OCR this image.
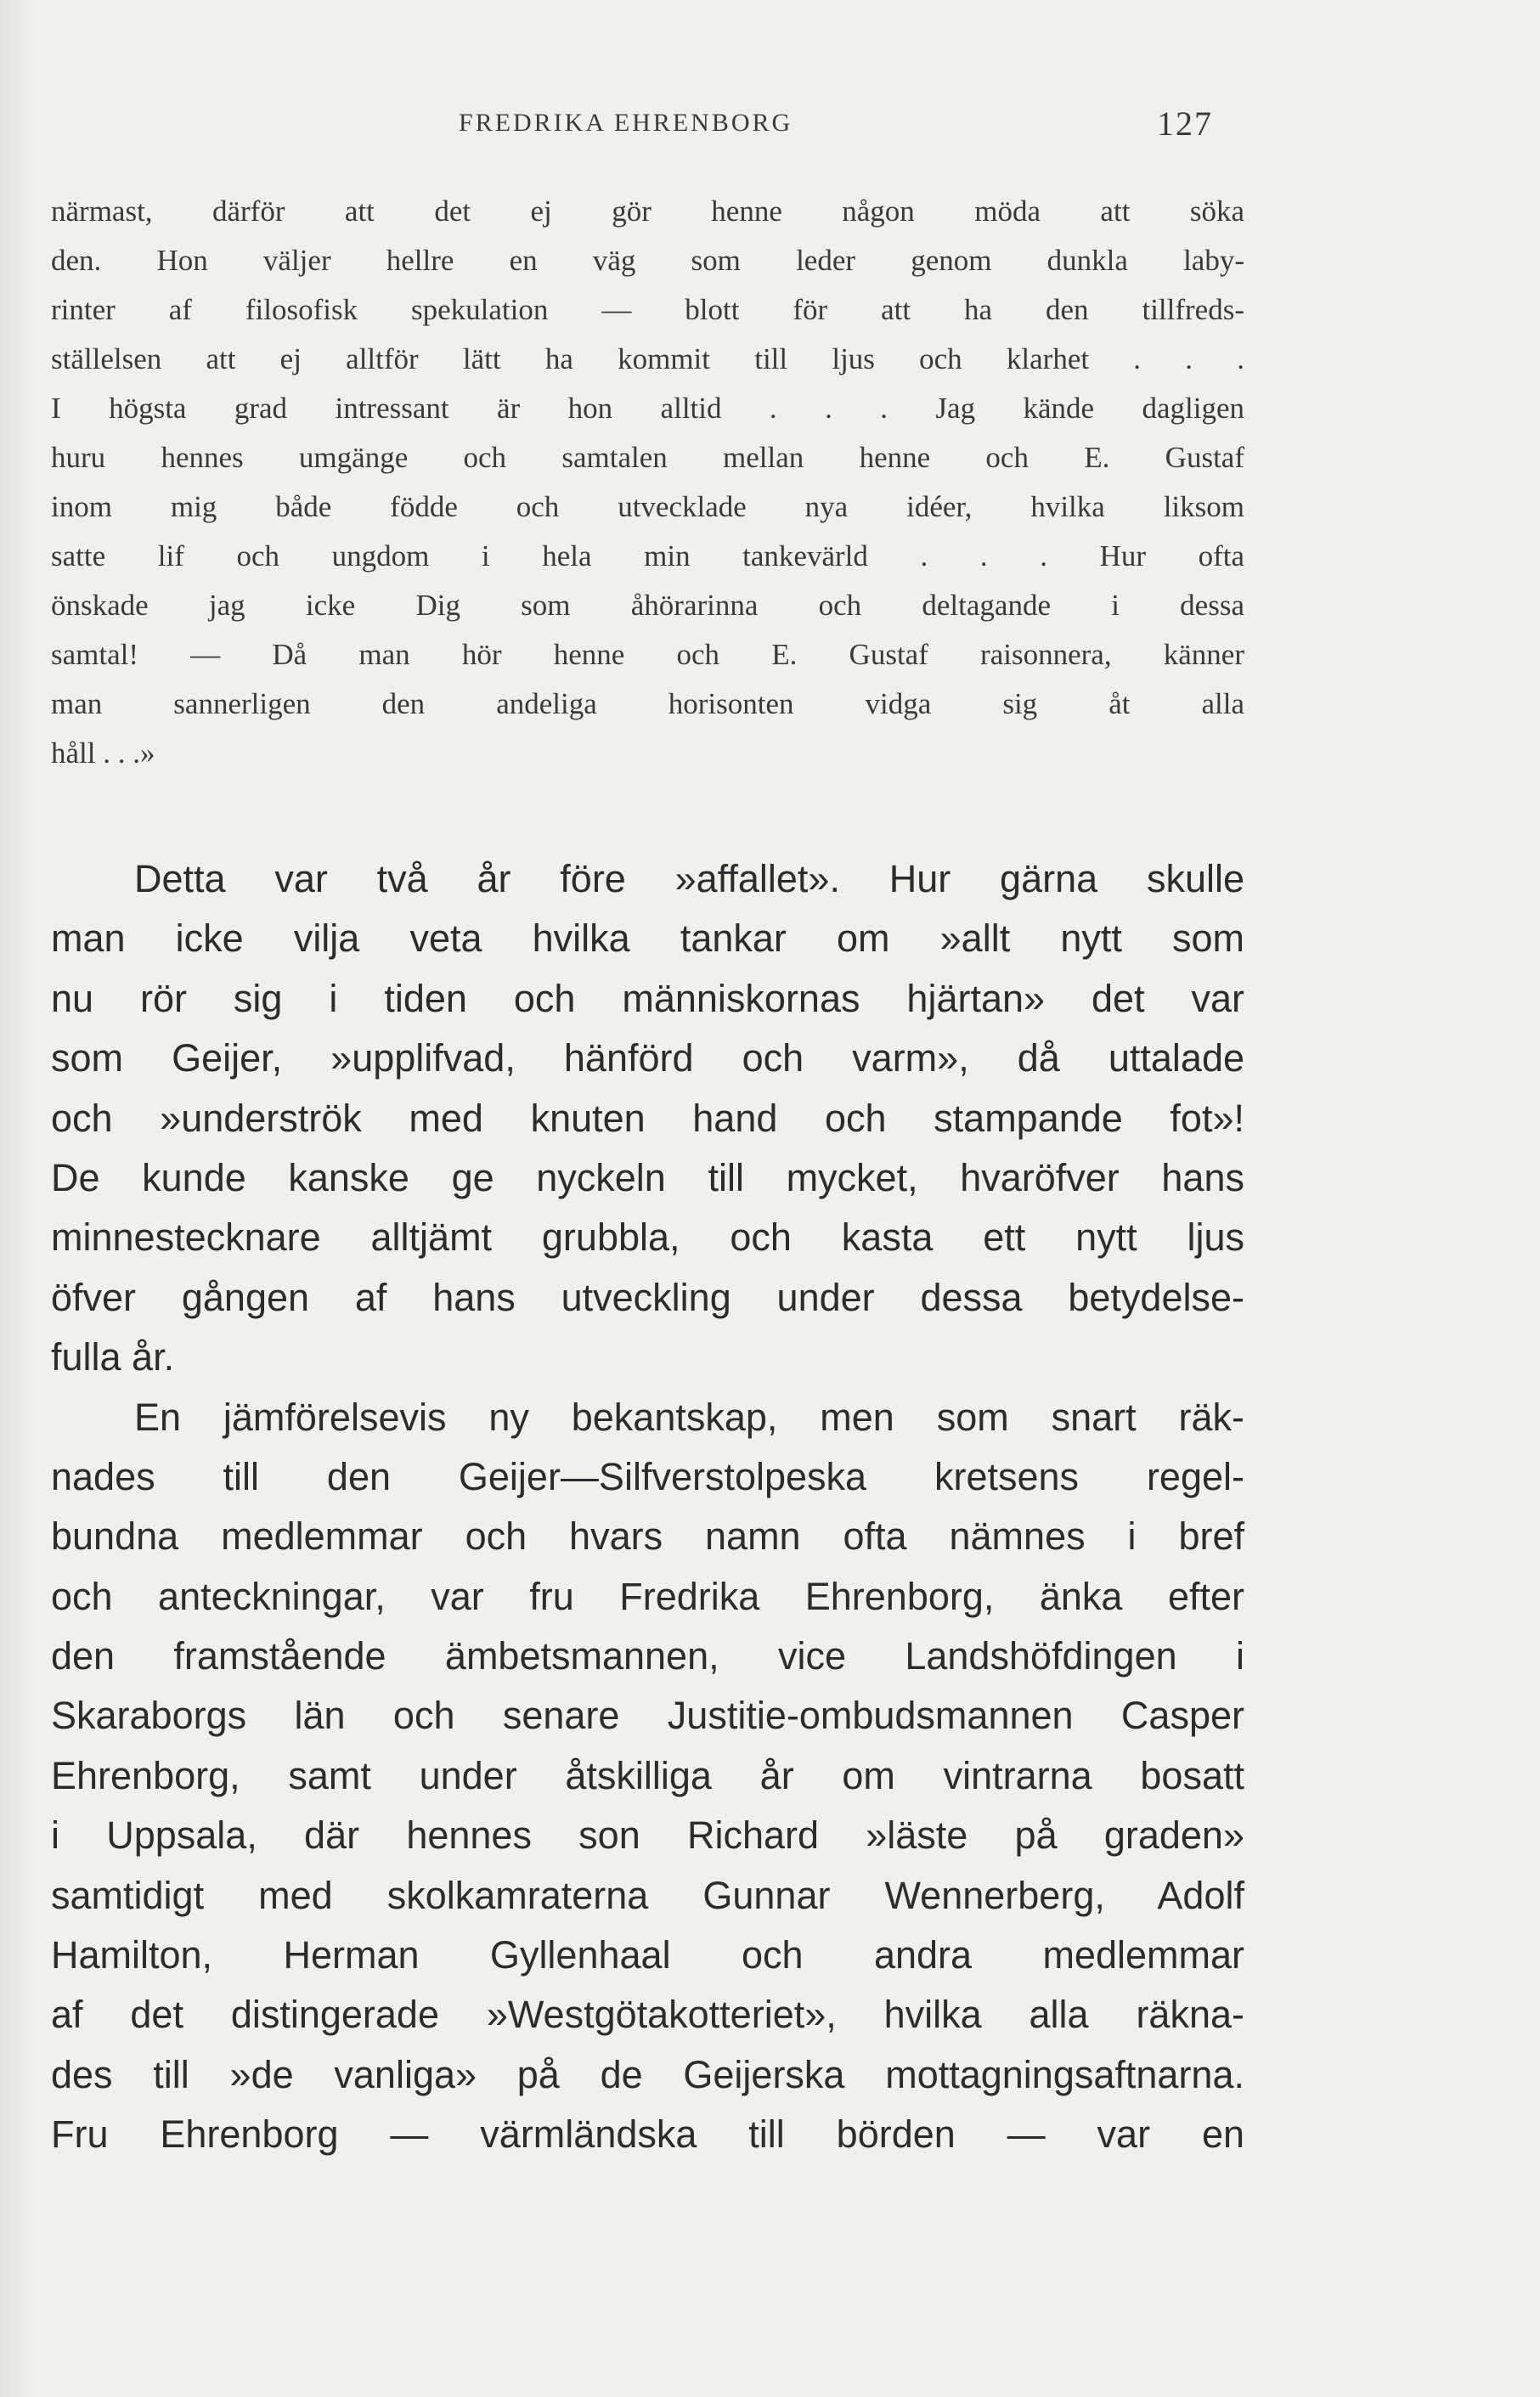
FREDRIKA EHRENBORG	127
närmast, därför att det ej gör henne någon möda att söka
den. Hon väljer hellre en väg som leder genom dunkla laby-
rinter af filosofisk spekulation — blott för att ha den tillfreds-
ställelsen att ej alltför lätt ha kommit till ljus och klarhet . . .
I högsta grad intressant är hon alltid . . . Jag kände dagligen
huru hennes umgänge och samtalen mellan henne och E. Gustaf
inom mig både födde och utvecklade nya idéer, hvilka liksom
satte lif och ungdom i hela min tankevärld . . . Hur ofta
önskade jag icke Dig som åhörarinna och deltagande i dessa
samtal! — Då man hör henne och E. Gustaf raisonnera, känner
man sannerligen den andeliga horisonten vidga sig åt alla
håll . . .»
Detta var två år före »affallet». Hur gärna skulle
man icke vilja veta hvilka tankar om »allt nytt som
nu rör sig i tiden och människornas hjärtan» det var
som Geijer, »upplifvad, hänförd och varm», då uttalade
och »underströk med knuten hand och stampande fot»!
De kunde kanske ge nyckeln till mycket, hvaröfver hans
minnestecknare alltjämt grubbla, och kasta ett nytt ljus
öfver gången af hans utveckling under dessa betydelse-
fulla år.
En jämförelsevis ny bekantskap, men som snart räk-
nades till den Geijer—Silfverstolpeska kretsens regel-
bundna medlemmar och hvars namn ofta nämnes i bref
och anteckningar, var fru Fredrika Ehrenborg, änka efter
den framstående ämbetsmannen, vice Landshöfdingen i
Skaraborgs län och senare Justitie-ombudsmannen Casper
Ehrenborg, samt under åtskilliga år om vintrarna bosatt
i Uppsala, där hennes son Richard »läste på graden»
samtidigt med skolkamraterna Gunnar Wennerberg, Adolf
Hamilton, Herman Gyllenhaal och andra medlemmar
af det distingerade »Westgötakotteriet», hvilka alla räkna-
des till »de vanliga» på de Geijerska mottagningsaftnarna.
Fru Ehrenborg — värmländska till börden — var en
